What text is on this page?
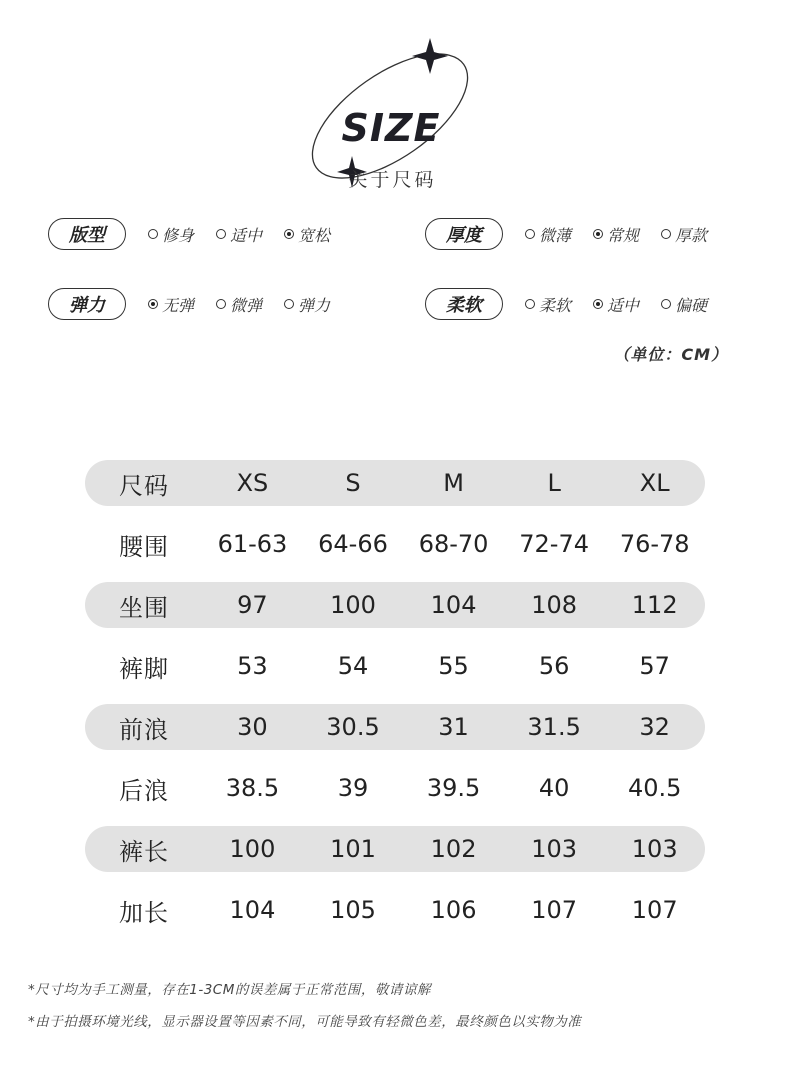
SIZE
关于尺码
版型	修身 适中 宽松	厚度	微薄 常规 厚款
弹力	无弹 微弹 弹力	柔软	柔软 适中 偏硬
（单位：CM）
尺码	XS	S	M	L	XL
腰围	61-63	64-66	68-70	72-74	76-78
坐围	97	100	104	108	112
裤脚	53	54	55	56	57
前浪	30	30.5	31	31.5	32
后浪	38.5	39	39.5	40	40.5
裤长	100	101	102	103	103
加长	104	105	106	107	107
*尺寸均为手工测量，存在1-3CM的误差属于正常范围，敬请谅解
*由于拍摄环境光线，显示器设置等因素不同，可能导致有轻微色差，最终颜色以实物为准
